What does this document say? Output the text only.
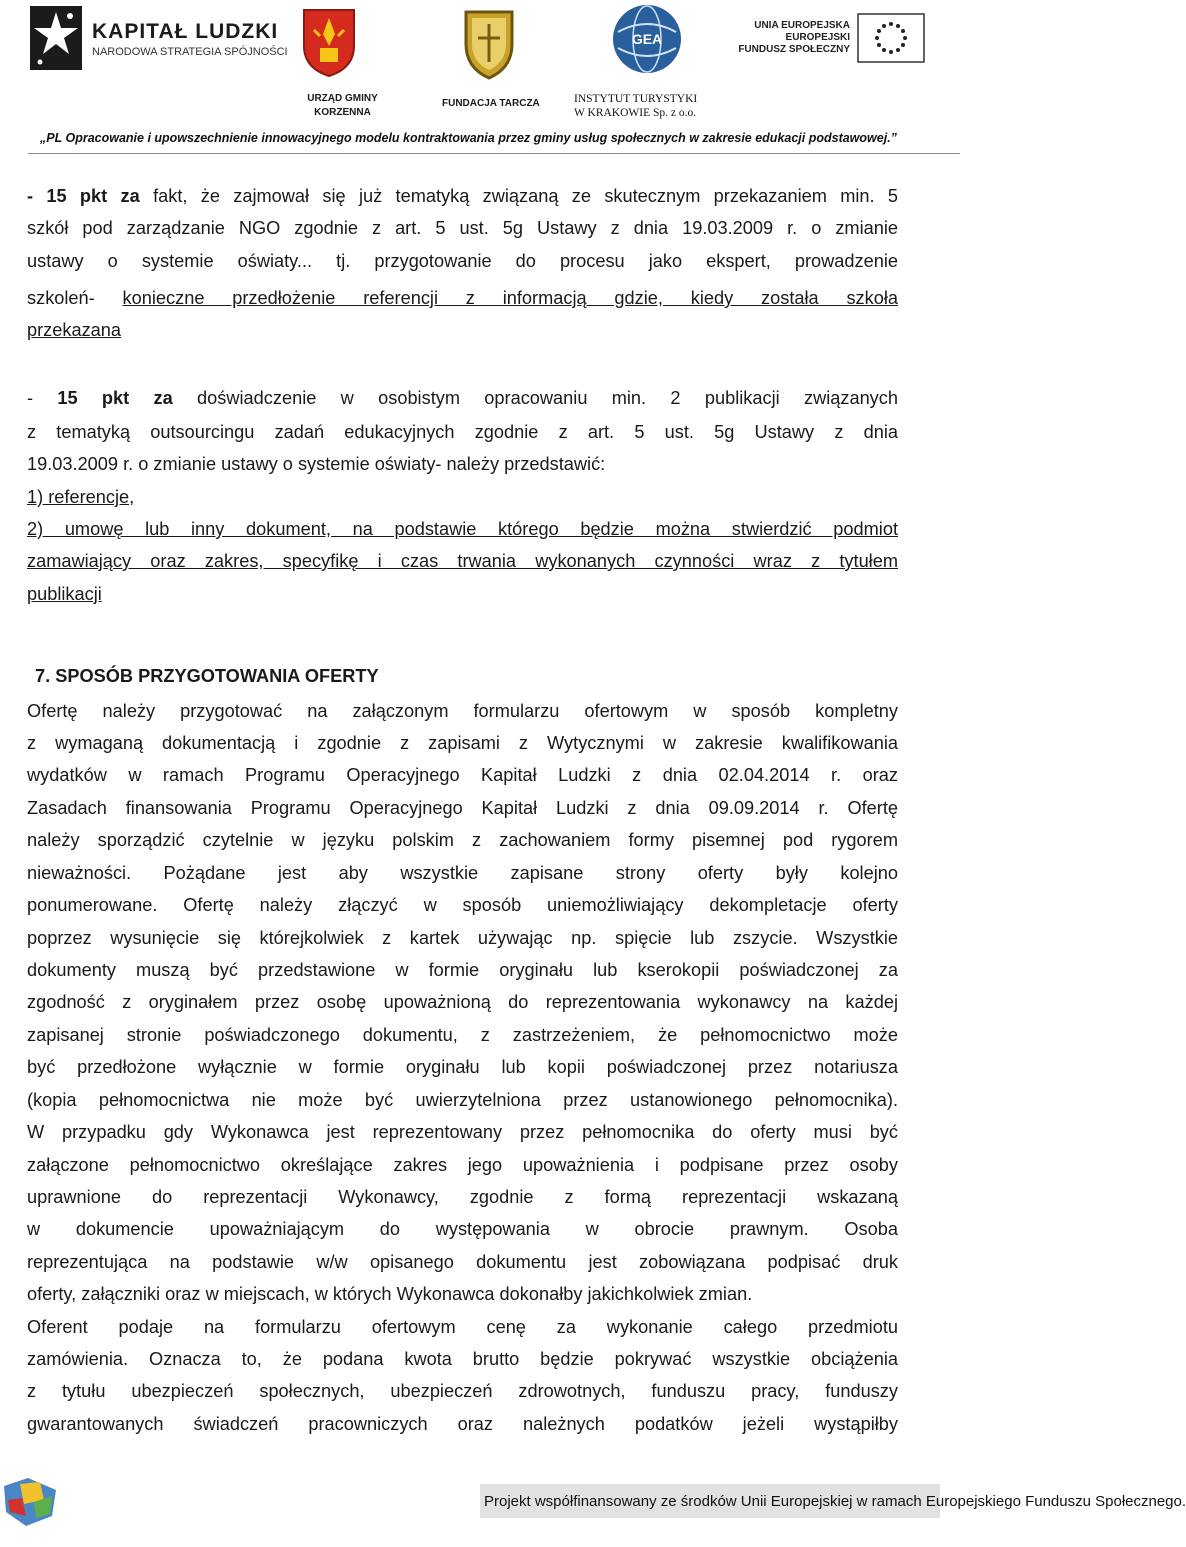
KAPITAŁ LUDZKI
NARODOWA STRATEGIA SPÓJNOŚCI
GEA
UNIA EUROPEJSKA
EUROPEJSKI
FUNDUSZ SPOŁECZNY
URZĄD GMINY
KORZENNA
FUNDACJA TARCZA	INSTYTUT TURYSTYKI
W KRAKOWIE Sp. z o.o.
„PL Opracowanie i upowszechnienie innowacyjnego modelu kontraktowania przez gminy usług społecznych w zakresie edukacji podstawowej.”
- 15 pkt za fakt, że zajmował się już tematyką związaną ze skutecznym przekazaniem min. 5
szkół pod zarządzanie NGO zgodnie z art. 5 ust. 5g Ustawy z dnia 19.03.2009 r. o zmianie
ustawy o systemie oświaty... tj. przygotowanie do procesu jako ekspert, prowadzenie
szkoleń- konieczne przedłożenie referencji z informacją gdzie, kiedy została szkoła
przekazana
- 15 pkt za doświadczenie w osobistym opracowaniu min. 2 publikacji związanych
z tematyką outsourcingu zadań edukacyjnych zgodnie z art. 5 ust. 5g Ustawy z dnia
19.03.2009 r. o zmianie ustawy o systemie oświaty- należy przedstawić:
1) referencje,
2) umowę lub inny dokument, na podstawie którego będzie można stwierdzić podmiot
zamawiający oraz zakres, specyfikę i czas trwania wykonanych czynności wraz z tytułem
publikacji
7. SPOSÓB PRZYGOTOWANIA OFERTY
Ofertę należy przygotować na załączonym formularzu ofertowym w sposób kompletny
z wymaganą dokumentacją i zgodnie z zapisami z Wytycznymi w zakresie kwalifikowania
wydatków w ramach Programu Operacyjnego Kapitał Ludzki z dnia 02.04.2014 r. oraz
Zasadach finansowania Programu Operacyjnego Kapitał Ludzki z dnia 09.09.2014 r. Ofertę
należy sporządzić czytelnie w języku polskim z zachowaniem formy pisemnej pod rygorem
nieważności. Pożądane jest aby wszystkie zapisane strony oferty były kolejno
ponumerowane. Ofertę należy złączyć w sposób uniemożliwiający dekompletacje oferty
poprzez wysunięcie się którejkolwiek z kartek używając np. spięcie lub zszycie. Wszystkie
dokumenty muszą być przedstawione w formie oryginału lub kserokopii poświadczonej za
zgodność z oryginałem przez osobę upoważnioną do reprezentowania wykonawcy na każdej
zapisanej stronie poświadczonego dokumentu, z zastrzeżeniem, że pełnomocnictwo może
być przedłożone wyłącznie w formie oryginału lub kopii poświadczonej przez notariusza
(kopia pełnomocnictwa nie może być uwierzytelniona przez ustanowionego pełnomocnika).
W przypadku gdy Wykonawca jest reprezentowany przez pełnomocnika do oferty musi być
załączone pełnomocnictwo określające zakres jego upoważnienia i podpisane przez osoby
uprawnione do reprezentacji Wykonawcy, zgodnie z formą reprezentacji wskazaną
w dokumencie upoważniającym do występowania w obrocie prawnym. Osoba
reprezentująca na podstawie w/w opisanego dokumentu jest zobowiązana podpisać druk
oferty, załączniki oraz w miejscach, w których Wykonawca dokonałby jakichkolwiek zmian.
Oferent podaje na formularzu ofertowym cenę za wykonanie całego przedmiotu
zamówienia. Oznacza to, że podana kwota brutto będzie pokrywać wszystkie obciążenia
z tytułu ubezpieczeń społecznych, ubezpieczeń zdrowotnych, funduszu pracy, funduszy
gwarantowanych świadczeń pracowniczych oraz należnych podatków jeżeli wystąpiłby
Projekt współfinansowany ze środków Unii Europejskiej w ramach Europejskiego Funduszu Społecznego.
